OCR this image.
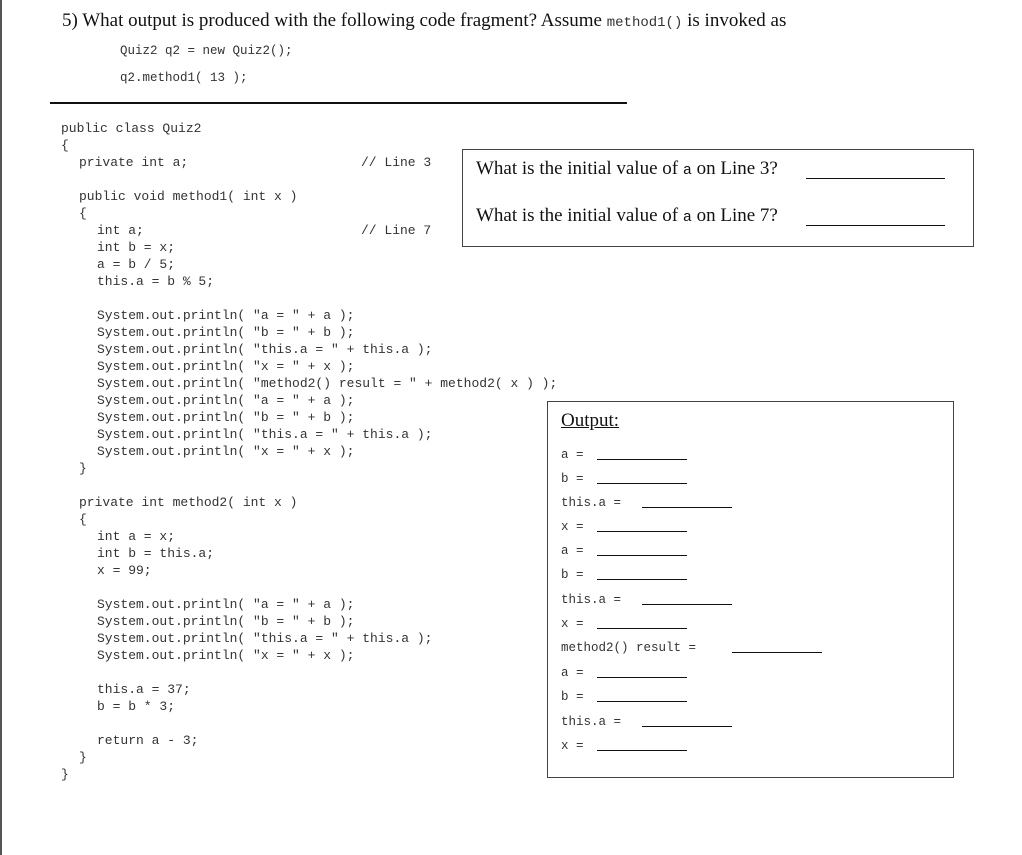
5) What output is produced with the following code fragment? Assume method1() is invoked as
Quiz2 q2 = new Quiz2();
q2.method1( 13 );
public class Quiz2
{
private int a;
public void method1( int x )
{
int a;
int b = x;
a = b / 5;
this.a = b % 5;
System.out.println( "a = " + a );
System.out.println( "b = " + b );
System.out.println( "this.a = " + this.a );
System.out.println( "x = " + x );
System.out.println( "method2() result = " + method2( x ) );
System.out.println( "a = " + a );
System.out.println( "b = " + b );
System.out.println( "this.a = " + this.a );
System.out.println( "x = " + x );
}
private int method2( int x )
{
int a = x;
int b = this.a;
x = 99;
System.out.println( "a = " + a );
System.out.println( "b = " + b );
System.out.println( "this.a = " + this.a );
System.out.println( "x = " + x );
this.a = 37;
b = b * 3;
return a - 3;
}
}
// Line 3
// Line 7
What is the initial value of a on Line 3?
What is the initial value of a on Line 7?
Output:
a =
b =
this.a =
x =
a =
b =
this.a =
x =
method2() result =
a =
b =
this.a =
x =
